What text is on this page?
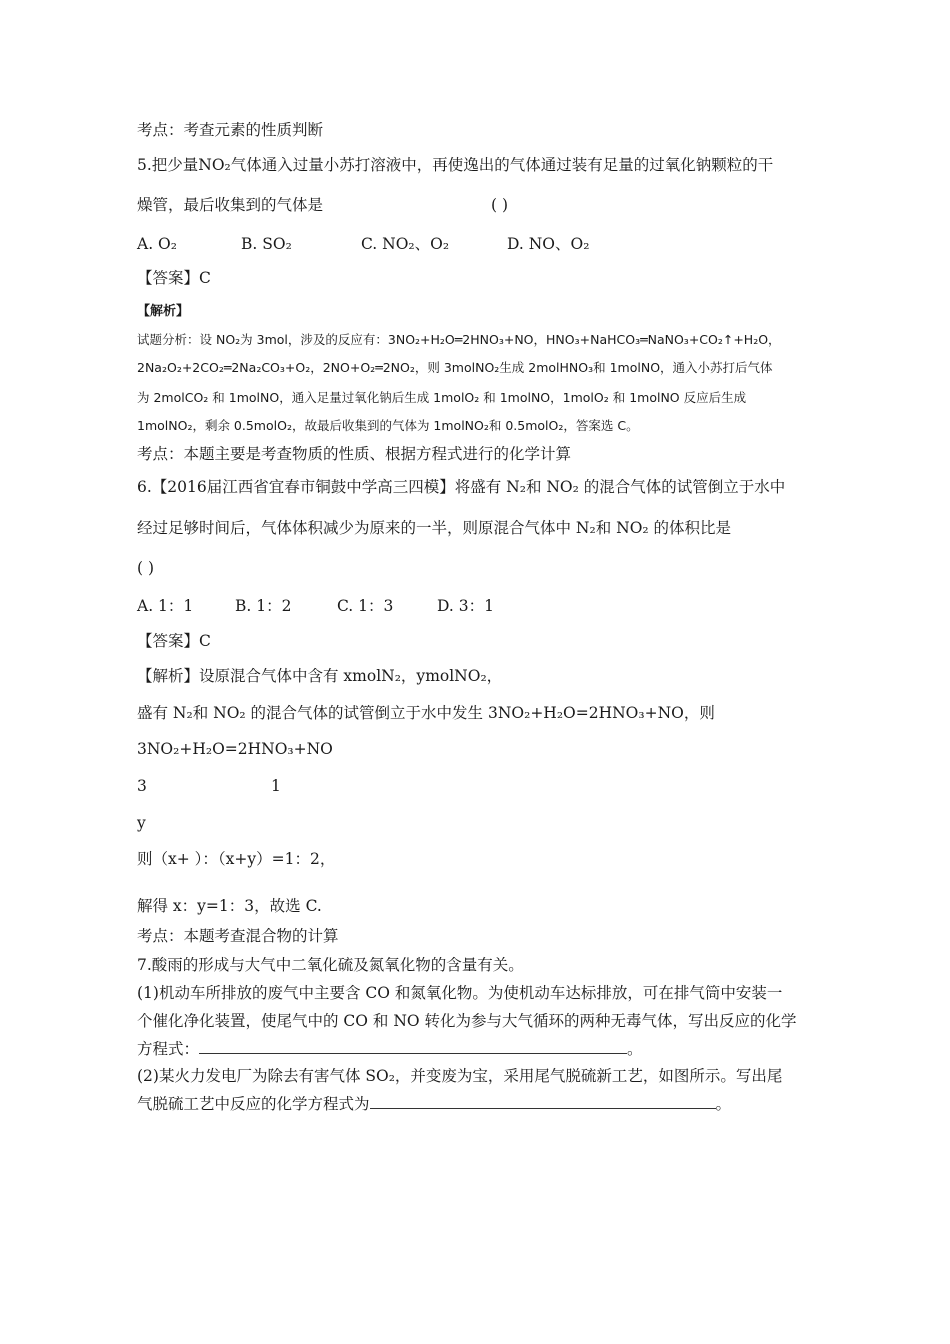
考点：考查元素的性质判断
5.把少量NO₂气体通入过量小苏打溶液中，再使逸出的气体通过装有足量的过氧化钠颗粒的干
燥管，最后收集到的气体是	( )
A. O₂	B. SO₂	C. NO₂、O₂	D. NO、O₂
【答案】C
【解析】
试题分析：设 NO₂为 3mol，涉及的反应有：3NO₂+H₂O═2HNO₃+NO，HNO₃+NaHCO₃═NaNO₃+CO₂↑+H₂O，
2Na₂O₂+2CO₂═2Na₂CO₃+O₂，2NO+O₂═2NO₂，则 3molNO₂生成 2molHNO₃和 1molNO，通入小苏打后气体
为 2molCO₂ 和 1molNO，通入足量过氧化钠后生成 1molO₂ 和 1molNO，1molO₂ 和 1molNO 反应后生成
1molNO₂，剩余 0.5molO₂，故最后收集到的气体为 1molNO₂和 0.5molO₂，答案选 C。
考点：本题主要是考查物质的性质、根据方程式进行的化学计算
6.【2016届江西省宜春市铜鼓中学高三四模】将盛有 N₂和 NO₂ 的混合气体的试管倒立于水中
经过足够时间后，气体体积减少为原来的一半，则原混合气体中 N₂和 NO₂ 的体积比是
( )
A. 1：1	B. 1：2	C. 1：3	D. 3：1
【答案】C
【解析】设原混合气体中含有 xmolN₂，ymolNO₂，
盛有 N₂和 NO₂ 的混合气体的试管倒立于水中发生 3NO₂+H₂O=2HNO₃+NO，则
3NO₂+H₂O=2HNO₃+NO
3	1
y
则（x+ ）：（x+y）=1：2，
解得 x：y=1：3，故选 C.
考点：本题考查混合物的计算
7.酸雨的形成与大气中二氧化硫及氮氧化物的含量有关。
(1)机动车所排放的废气中主要含 CO 和氮氧化物。为使机动车达标排放，可在排气筒中安装一
个催化净化装置，使尾气中的 CO 和 NO 转化为参与大气循环的两种无毒气体，写出反应的化学
方程式：	。
(2)某火力发电厂为除去有害气体 SO₂，并变废为宝，采用尾气脱硫新工艺，如图所示。写出尾
气脱硫工艺中反应的化学方程式为	。
